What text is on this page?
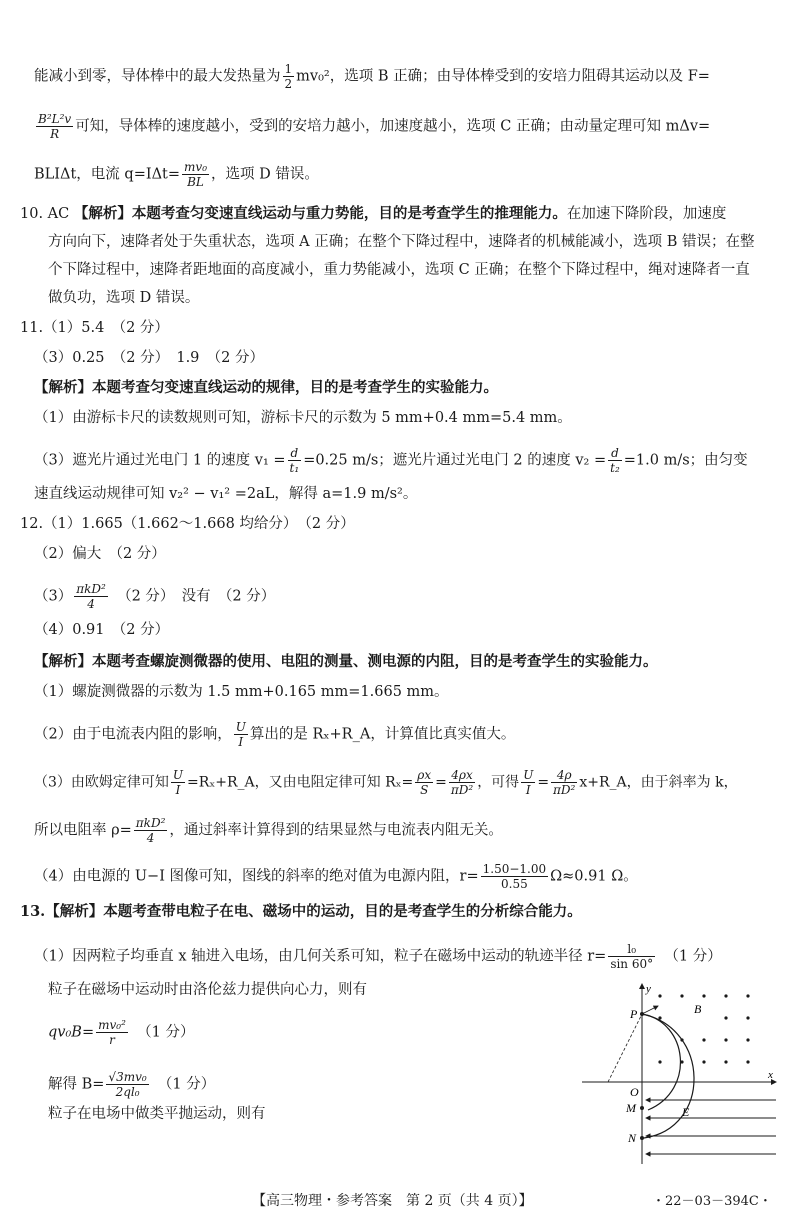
能减小到零，导体棒中的最大发热量为 $\frac{1}{2} mv_0^2$，选项 B 正确；由导体棒受到的安培力阻碍其运动以及 F=
$\frac{\text{B²L²v}}{R}$ 可知，导体棒的速度越小，受到的安培力越小，加速度越小，选项 C 正确；由动量定理可知 mΔv=
BLIΔt，电流 $q=I\Delta t= \frac{\text{mv₀}}{BL}$ ，选项 D 错误。
10. AC 【解析】本题考查匀变速直线运动与重力势能，目的是考查学生的推理能力。在加速下降阶段，加速度
方向向下，速降者处于失重状态，选项 A 正确；在整个下降过程中，速降者的机械能减小，选项 B 错误；在整
个下降过程中，速降者距地面的高度减小，重力势能减小，选项 C 正确；在整个下降过程中，绳对速降者一直
做负功，选项 D 错误。
11.（1）5.4　（2 分）
（3）0.25　（2 分）　1.9　（2 分）
【解析】本题考查匀变速直线运动的规律，目的是考查学生的实验能力。
（1）由游标卡尺的读数规则可知，游标卡尺的示数为 5 mm+0.4 mm=5.4 mm。
（3）遮光片通过光电门 1 的速度 $v_1 = \frac{d}{\text{t₁}} =0.25$ m/s；遮光片通过光电门 2 的速度 $v_2 = \frac{d}{\text{t₂}} =1.0$ m/s；由匀变
速直线运动规律可知 v₂² − v₁² =2aL，解得 a=1.9 m/s²。
12.（1）1.665（1.662～1.668 均给分）　（2 分）
（2）偏大　（2 分）
$(3) \frac{\text{πkD²}}{4}$ 　（2 分）　没有　（2 分）
（4）0.91　（2 分）
【解析】本题考查螺旋测微器的使用、电阻的测量、测电源的内阻，目的是考查学生的实验能力。
（1）螺旋测微器的示数为 1.5 mm+0.165 mm=1.665 mm。
（2）由于电流表内阻的影响， $\frac{U}{I}$ 算出的是 Rₓ+R_A，计算值比真实值大。
（3）由欧姆定律可知 $\frac{U}{I}$ =Rₓ+R_A，又由电阻定律可知 $R_x= \frac{\rho x}{S} = \frac{4\rho x}{\text{πD²}}$ ，可得 $\frac{U}{I} = \frac{4\rho}{\text{πD²}}$ x+R_A，由于斜率为 k，
所以电阻率 $\rho= \frac{\text{πkD²}}{4}$ ，通过斜率计算得到的结果显然与电流表内阻无关。
（4）由电源的 U−I 图像可知，图线的斜率的绝对值为电源内阻，$r= \frac{1.50-1.00}{0.55} \Omega\approx 0.91$ Ω。
13.【解析】本题考查带电粒子在电、磁场中的运动，目的是考查学生的分析综合能力。
（1）因两粒子均垂直 x 轴进入电场，由几何关系可知，粒子在磁场中运动的轨迹半径 $r= \frac{\text{l₀}}{\sin 60^\circ}$ 　（1 分）
粒子在磁场中运动时由洛伦兹力提供向心力，则有
$qv_0B= \frac{\text{mv₀²}}{r}$ 　（1 分）
解得 $B= \frac{\text{√3mv₀}}{\text{2ql₀}}$ 　（1 分）
粒子在电场中做类平抛运动，则有
x
y
O
B
E
P
M
N
【高三物理・参考答案　第 2 页（共 4 页）】	・22－03－394C・
